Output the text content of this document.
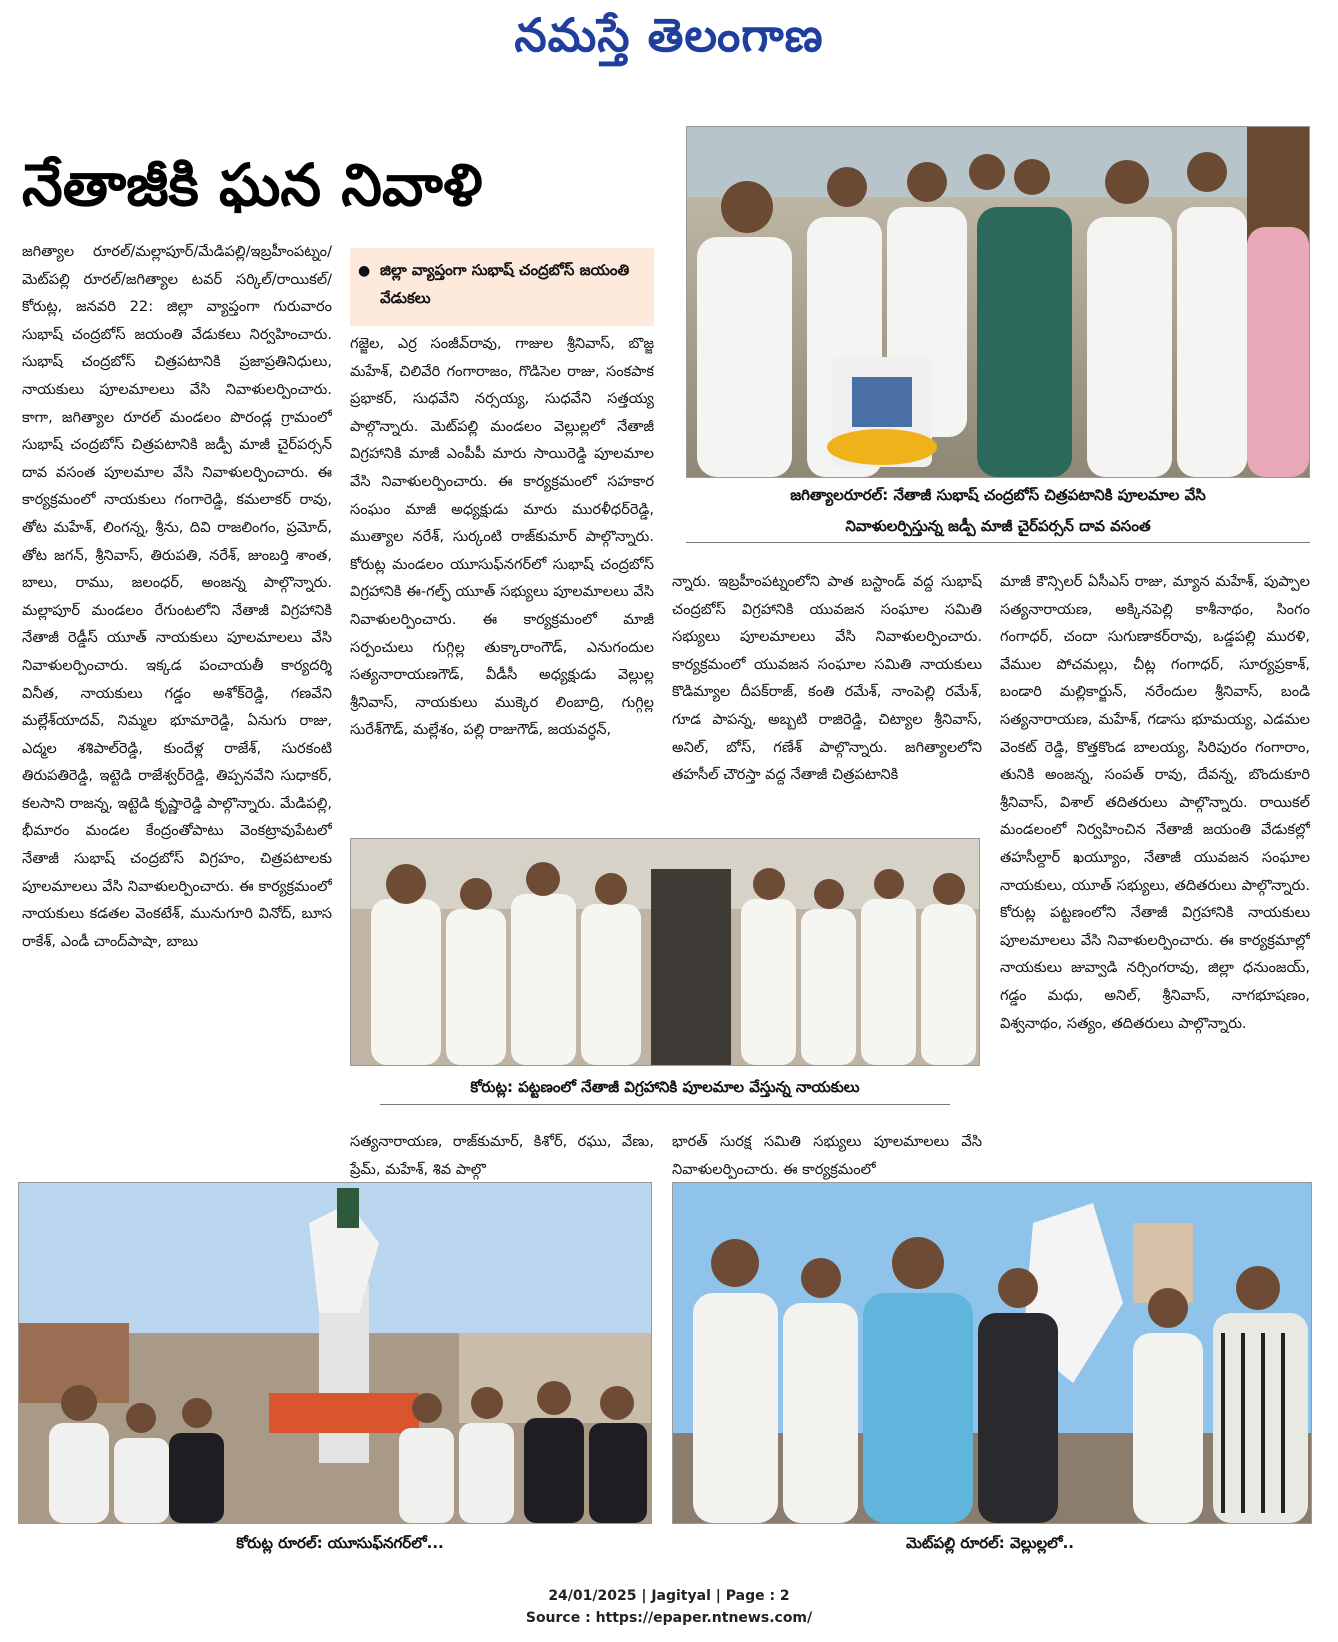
నమస్తే తెలంగాణ
నేతాజీకి ఘన నివాళి
● జిల్లా వ్యాప్తంగా సుభాష్ చంద్రబోస్ జయంతి వేడుకలు

జగిత్యాల రూరల్/మల్లాపూర్/మేడిపల్లి/ఇబ్రహీంపట్నం/మెట్‌పల్లి రూరల్/జగిత్యాల టవర్ సర్కిల్/రాయికల్/కోరుట్ల, జనవరి 22: జిల్లా వ్యాప్తంగా గురువారం సుభాష్ చంద్రబోస్ జయంతి వేడుకలు నిర్వహించారు. సుభాష్ చంద్రబోస్ చిత్రపటానికి ప్రజాప్రతినిధులు, నాయకులు పూలమాలలు వేసి నివాళులర్పించారు. కాగా, జగిత్యాల రూరల్ మండలం పొరండ్ల గ్రామంలో సుభాష్ చంద్రబోస్ చిత్రపటానికి జడ్పీ మాజీ చైర్‌పర్సన్ దావ వసంత పూలమాల వేసి నివాళులర్పించారు. ఈ కార్యక్రమంలో నాయకులు గంగారెడ్డి, కమలాకర్ రావు, తోట మహేశ్, లింగన్న, శ్రీను, దివి రాజలింగం, ప్రమోద్, తోట జగన్, శ్రీనివాస్, తిరుపతి, నరేశ్, జుంబర్తి శాంత, బాలు, రాము, జలంధర్, అంజన్న పాల్గొన్నారు. మల్లాపూర్ మండలం రేగుంటలోని నేతాజీ విగ్రహానికి నేతాజీ రెడ్డీస్ యూత్ నాయకులు పూలమాలలు వేసి నివాళులర్పించారు. ఇక్కడ పంచాయతీ కార్యదర్శి వినీత, నాయకులు గడ్డం అశోక్‌రెడ్డి, గణవేని మల్లేశ్‌యాదవ్, నిమ్మల భూమారెడ్డి, ఏనుగు రాజు, ఎద్మల శశిపాల్‌రెడ్డి, కుందేళ్ల రాజేశ్, సురకంటి తిరుపతిరెడ్డి, ఇట్టెడి రాజేశ్వర్‌రెడ్డి, తిప్పనవేని సుధాకర్, కలసాని రాజన్న, ఇట్టెడి కృష్ణారెడ్డి పాల్గొన్నారు. మేడిపల్లి, భీమారం మండల కేంద్రంతోపాటు వెంకట్రావుపేటలో నేతాజీ సుభాష్ చంద్రబోస్ విగ్రహం, చిత్రపటాలకు పూలమాలలు వేసి నివాళులర్పించారు. ఈ కార్యక్రమంలో నాయకులు కడతల వెంకటేశ్, మునుగూరి వినోద్, బూస రాకేశ్, ఎండీ చాంద్‌పాషా, బాబు

గజ్జెల, ఎర్ర సంజీవ్‌రావు, గాజుల శ్రీనివాస్, బొజ్జ మహేశ్, చిలివేరి గంగారాజం, గొడిసెల రాజు, సంకపాక ప్రభాకర్, సుధవేని నర్సయ్య, సుధవేని సత్తయ్య పాల్గొన్నారు. మెట్‌పల్లి మండలం వెల్లుల్లలో నేతాజీ విగ్రహానికి మాజీ ఎంపీపీ మారు సాయిరెడ్డి పూలమాల వేసి నివాళులర్పించారు. ఈ కార్యక్రమంలో సహకార సంఘం మాజీ అధ్యక్షుడు మారు మురళీధర్‌రెడ్డి, ముత్యాల నరేశ్, సుర్కంటి రాజ్‌కుమార్ పాల్గొన్నారు. కోరుట్ల మండలం యూసుఫ్‌నగర్‌లో సుభాష్ చంద్రబోస్ విగ్రహానికి ఈ-గల్ఫ్ యూత్ సభ్యులు పూలమాలలు వేసి నివాళులర్పించారు. ఈ కార్యక్రమంలో మాజీ సర్పంచులు గుగ్గిల్ల తుక్కారాంగౌడ్, ఎనుగందుల సత్యనారాయణగౌడ్, వీడీసీ అధ్యక్షుడు వెల్లుల్ల శ్రీనివాస్, నాయకులు ముక్కెర లింబాద్రి, గుగ్గిల్ల సురేశ్‌గౌడ్, మల్లేశం, పల్లి రాజుగౌడ్, జయవర్ధన్,

సత్యనారాయణ, రాజ్‌కుమార్, కిశోర్, రఘు, వేణు, ప్రేమ్, మహేశ్, శివ పాల్గొ

న్నారు. ఇబ్రహీంపట్నంలోని పాత బస్టాండ్ వద్ద సుభాష్ చంద్రబోస్ విగ్రహానికి యువజన సంఘాల సమితి సభ్యులు పూలమాలలు వేసి నివాళులర్పించారు. కార్యక్రమంలో యువజన సంఘాల సమితి నాయకులు కొడిమ్యాల దీపక్‌రాజ్, కంతి రమేశ్, నాంపెల్లి రమేశ్, గూడ పాపన్న, అబ్బటి రాజిరెడ్డి, చిట్యాల శ్రీనివాస్, అనిల్, బోస్, గణేశ్ పాల్గొన్నారు. జగిత్యాలలోని తహసీల్ చౌరస్తా వద్ద నేతాజీ చిత్రపటానికి

భారత్ సురక్ష సమితి సభ్యులు పూలమాలలు వేసి నివాళులర్పించారు. ఈ కార్యక్రమంలో

మాజీ కౌన్సిలర్ ఏసీఎస్ రాజు, మ్యాన మహేశ్, పుప్పాల సత్యనారాయణ, అక్కినపెల్లి కాశీనాథం, సింగం గంగాధర్, చందా సుగుణాకర్‌రావు, ఒడ్డపల్లి మురళి, వేముల పోచమల్లు, చీట్ల గంగాధర్, సూర్యప్రకాశ్, బండారి మల్లికార్జున్, నరేందుల శ్రీనివాస్, బండి సత్యనారాయణ, మహేశ్, గడాసు భూమయ్య, ఎడమల వెంకట్ రెడ్డి, కొత్తకొండ బాలయ్య, సిరిపురం గంగారాం, తునికి అంజన్న, సంపత్ రావు, దేవన్న, బొందుకూరి శ్రీనివాస్, విశాల్ తదితరులు పాల్గొన్నారు. రాయికల్ మండలంలో నిర్వహించిన నేతాజీ జయంతి వేడుకల్లో తహసీల్దార్ ఖయ్యూం, నేతాజీ యువజన సంఘాల నాయకులు, యూత్ సభ్యులు, తదితరులు పాల్గొన్నారు. కోరుట్ల పట్టణంలోని నేతాజీ విగ్రహానికి నాయకులు పూలమాలలు వేసి నివాళులర్పించారు. ఈ కార్యక్రమాల్లో నాయకులు జువ్వాడి నర్సింగరావు, జిల్లా ధనుంజయ్, గడ్డం మధు, అనిల్, శ్రీనివాస్, నాగభూషణం, విశ్వనాథం, సత్యం, తదితరులు పాల్గొన్నారు.

జగిత్యాలరూరల్: నేతాజీ సుభాష్ చంద్రబోస్ చిత్రపటానికి పూలమాల వేసి
నివాళులర్పిస్తున్న జడ్పీ మాజీ చైర్‌పర్సన్ దావ వసంత
కోరుట్ల: పట్టణంలో నేతాజీ విగ్రహానికి పూలమాల వేస్తున్న నాయకులు
కోరుట్ల రూరల్: యూసుఫ్‌నగర్‌లో...	మెట్‌పల్లి రూరల్: వెల్లుల్లలో..
24/01/2025 | Jagityal | Page : 2
Source : https://epaper.ntnews.com/
